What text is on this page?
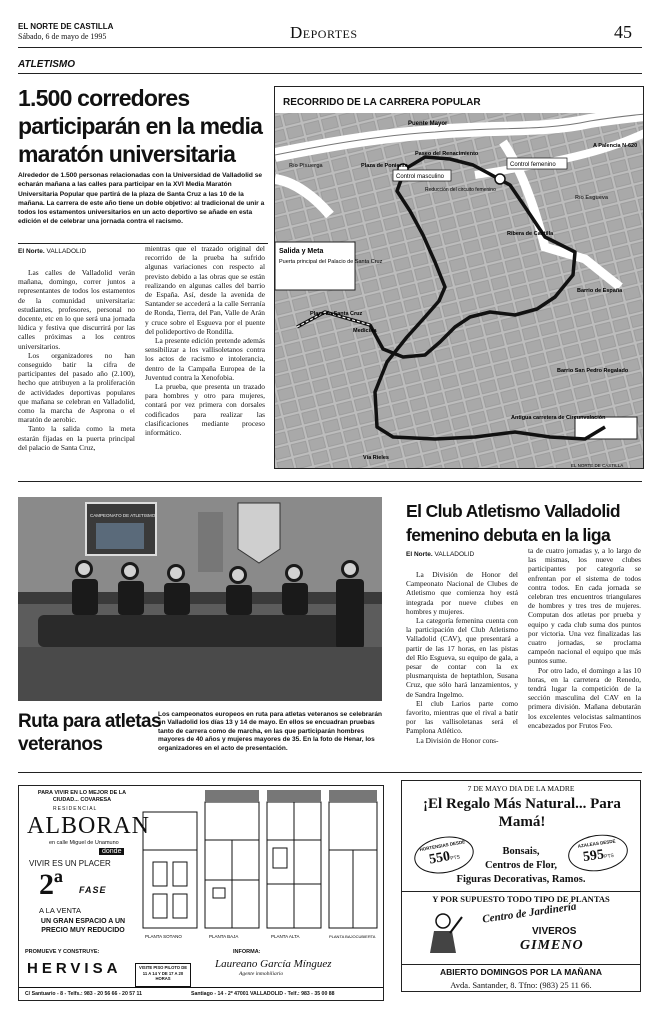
EL NORTE DE CASTILLA
Sábado, 6 de mayo de 1995	Deportes	45
ATLETISMO
1.500 corredores participarán en la media maratón universitaria
Alrededor de 1.500 personas relacionadas con la Universidad de Valladolid se echarán mañana a las calles para participar en la XVI Media Maratón Universitaria Popular que partirá de la plaza de Santa Cruz a las 10 de la mañana. La carrera de este año tiene un doble objetivo: al tradicional de unir a todos los estamentos universitarios en un acto deportivo se añade en esta edición el de celebrar una jornada contra el racismo.
El Norte. VALLADOLID

Las calles de Valladolid verán mañana, domingo, correr juntos a representantes de todos los estamentos de la comunidad universitaria: estudiantes, profesores, personal no docente, etc en lo que será una jornada lúdica y festiva que discurrirá por las calles próximas a los centros universitarios.

Los organizadores no han conseguido batir la cifra de participantes del pasado año (2.100), hecho que atribuyen a la proliferación de actividades deportivas populares que mañana se celebran en Valladolid, como la marcha de Asprona o el maratón de aerobic.

Tanto la salida como la meta estarán fijadas en la puerta principal del palacio de Santa Cruz,

mientras que el trazado original del recorrido de la prueba ha sufrido algunas variaciones con respecto al previsto debido a las obras que se están realizando en algunas calles del barrio de España. Así, desde la avenida de Santander se accederá a la calle Serranía de Ronda, Tierra, del Pan, Valle de Arán y cruce sobre el Esgueva por el puente del polideportivo de Rondilla.

La presente edición pretende además sensibilizar a los vallisoletanos contra los actos de racismo e intolerancia, dentro de la Campaña Europea de la Juventud contra la Xenofobia.

La prueba, que presenta un trazado para hombres y otro para mujeres, contará por vez primera con dorsales codificados para realizar las clasificaciones mediante proceso informático.

RECORRIDO DE LA CARRERA POPULAR
Puente Mayor
Paseo del Renacimiento
A Palencia N-620
Río Pisuerga	Plaza de Poniente
Río Esgueva
Control masculino
Control femenino
Reducción del circuito femenino
Ribera de Castilla
Salida y Meta
Puerta principal del Palacio de Santa Cruz
Plaza de Santa Cruz
Medicina
Barrio de España
Barrio San Pedro Regalado
Antigua carretera de Circunvalación
Vía Rieles
EL NORTE DE CASTILLA
CAMPEONATO DE ATLETISMO
Ruta para atletas veteranos
Los campeonatos europeos en ruta para atletas veteranos se celebrarán en Valladolid los días 13 y 14 de mayo. En ellos se encuadran pruebas tanto de carrera como de marcha, en las que participarán hombres mayores de 40 años y mujeres mayores de 35. En la foto de Henar, los organizadores en el acto de presentación.
El Club Atletismo Valladolid femenino debuta en la liga
El Norte. VALLADOLID

La División de Honor del Campeonato Nacional de Clubes de Atletismo que comienza hoy está integrada por nueve clubes en hombres y mujeres.

La categoría femenina cuenta con la participación del Club Atletismo Valladolid (CAV), que presentará a partir de las 17 horas, en las pistas del Río Esgueva, su equipo de gala, a pesar de contar con la ex plusmarquista de heptathlon, Susana Cruz, que sólo hará lanzamientos, y de Sandra Ingelmo.

El club Larios parte como favorito, mientras que el rival a batir por las vallisoletanas será el Pamplona Atlético.

La División de Honor cons-

ta de cuatro jornadas y, a lo largo de las mismas, los nueve clubes participantes por categoría se enfrentan por el sistema de todos contra todos. En cada jornada se celebran tres encuentros triangulares de hombres y tres tres de mujeres. Computan dos atletas por prueba y equipo y cada club suma dos puntos por victoria. Una vez finalizadas las cuatro jornadas, se proclama campeón nacional el equipo que más puntos sume.

Por otro lado, el domingo a las 10 horas, en la carretera de Renedo, tendrá lugar la competición de la sección masculina del CAV en la primera división. Mañana debutarán los excelentes velocistas salmantinos encabezados por Frutos Feo.

PARA VIVIR EN LO MEJOR DE LA CIUDAD... COVARESA
RESIDENCIAL
ALBORAN
en calle Miguel de Unamuno
donde
VIVIR ES UN PLACER
2ª FASE
A LA VENTA
UN GRAN ESPACIO A UN PRECIO MUY REDUCIDO
PROMUEVE Y CONSTRUYE:
HERVISA	VISITE PISO PILOTO DE 11 A 14 Y DE 17 A 20 HORAS
INFORMA:
Laureano García Mínguez
Agente inmobiliario
PLANTA SOTANO	PLANTA BAJA	PLANTA ALTA	PLANTA BAJOCUBIERTA
C/ Santuario - 8 - Telfs.: 983 - 20 56 66 - 20 57 11	Santiago - 14 - 2º 47001 VALLADOLID - Telf.: 983 - 35 00 88
7 DE MAYO DIA DE LA MADRE
¡El Regalo Más Natural... Para Mamá!
HORTENSIAS DESDE
550PTS
AZALEAS DESDE
595PTS
Bonsais,
Centros de Flor,
Figuras Decorativas, Ramos.
Y POR SUPUESTO TODO TIPO DE PLANTAS
Centro de Jardinería
VIVEROS
GIMENO
ABIERTO DOMINGOS POR LA MAÑANA
Avda. Santander, 8. Tfno: (983) 25 11 66.
